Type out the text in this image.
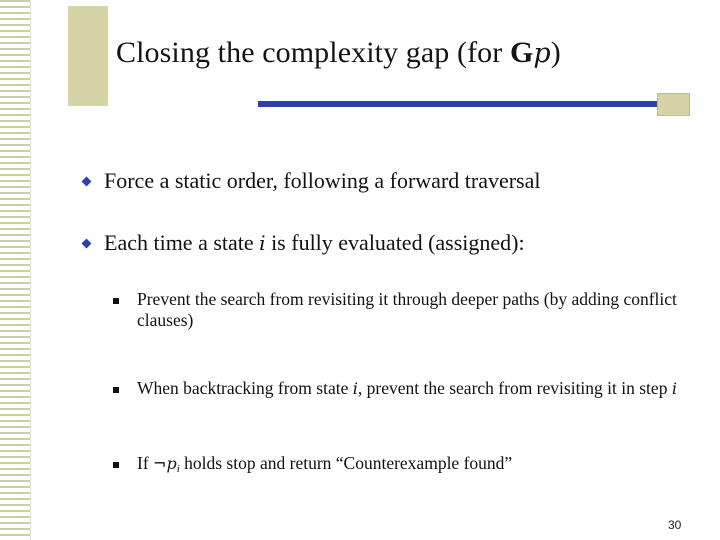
Closing the complexity gap (for Gp)
Force a static order, following a forward traversal
Each time a state i is fully evaluated (assigned):
Prevent the search from revisiting it through deeper paths (by adding conflict clauses)
When backtracking from state i, prevent the search from revisiting it in step i
If ¬pi holds stop and return “Counterexample found”
30
